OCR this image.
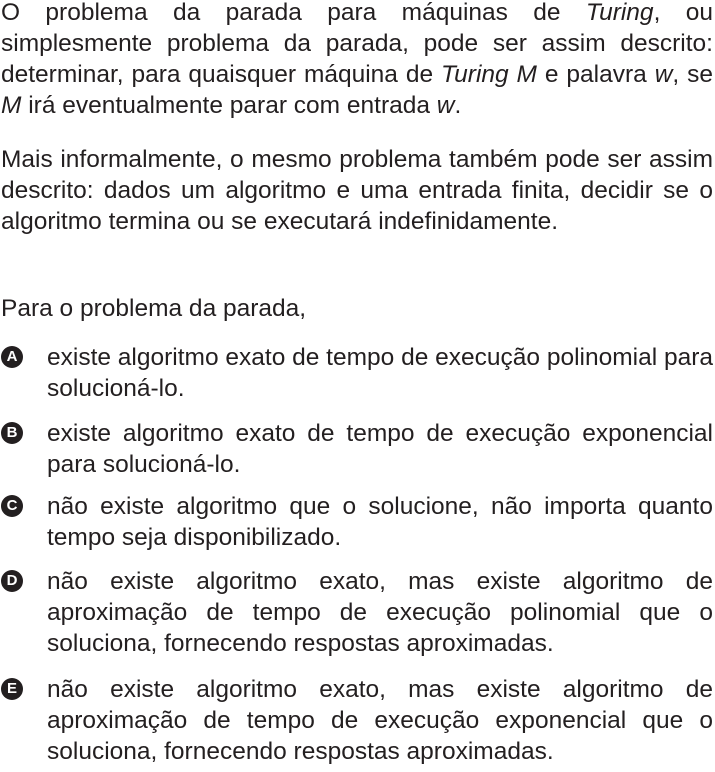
O problema da parada para máquinas de Turing, ou simplesmente problema da parada, pode ser assim descrito: determinar, para quaisquer máquina de Turing M e palavra w, se M irá eventualmente parar com entrada w.

Mais informalmente, o mesmo problema também pode ser assim descrito: dados um algoritmo e uma entrada finita, decidir se o algoritmo termina ou se executará indefinidamente.

Para o problema da parada,

A existe algoritmo exato de tempo de execução polinomial para solucioná-lo.
B existe algoritmo exato de tempo de execução exponencial para solucioná-lo.
C não existe algoritmo que o solucione, não importa quanto tempo seja disponibilizado.
D não existe algoritmo exato, mas existe algoritmo de aproximação de tempo de execução polinomial que o soluciona, fornecendo respostas aproximadas.
E não existe algoritmo exato, mas existe algoritmo de aproximação de tempo de execução exponencial que o soluciona, fornecendo respostas aproximadas.
